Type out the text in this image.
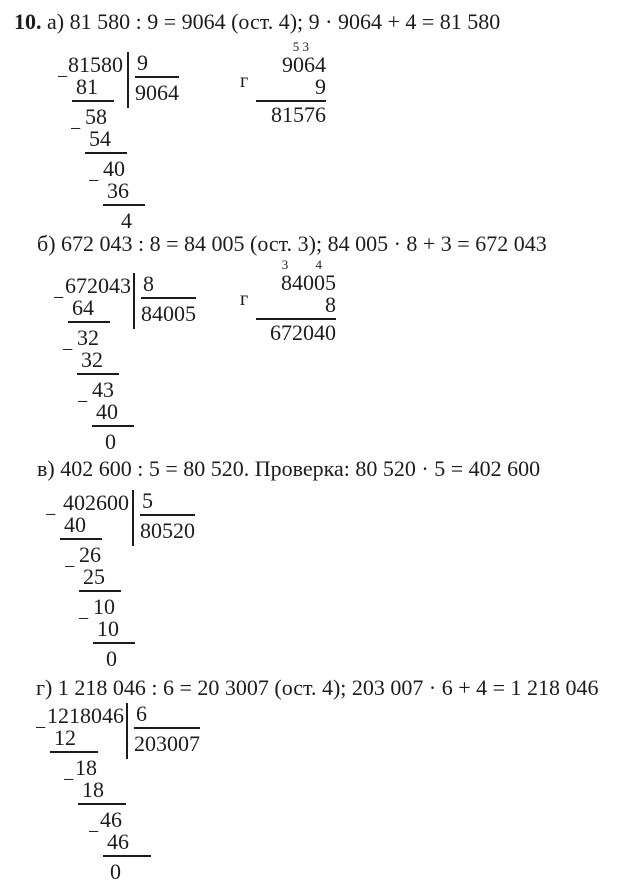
10. а) 81 580 : 9 = 9064 (ост. 4); 9 · 9064 + 4 = 81 580
81580 9
9064
81
−
58
54
−
40
36
−
4
г
5 3
9064
9
81576
б) 672 043 : 8 = 84 005 (ост. 3); 84 005 · 8 + 3 = 672 043
672043 8
84005
64
−
32
32
−
43
40
−
0
г
3 4
84005
8
672040
в) 402 600 : 5 = 80 520. Проверка: 80 520 · 5 = 402 600
402600 5
80520
40
−
26
25
−
10
10
−
0
г) 1 218 046 : 6 = 20 3007 (ост. 4); 203 007 · 6 + 4 = 1 218 046
1218046 6
203007
12
−
18
18
−
46
46
−
0
